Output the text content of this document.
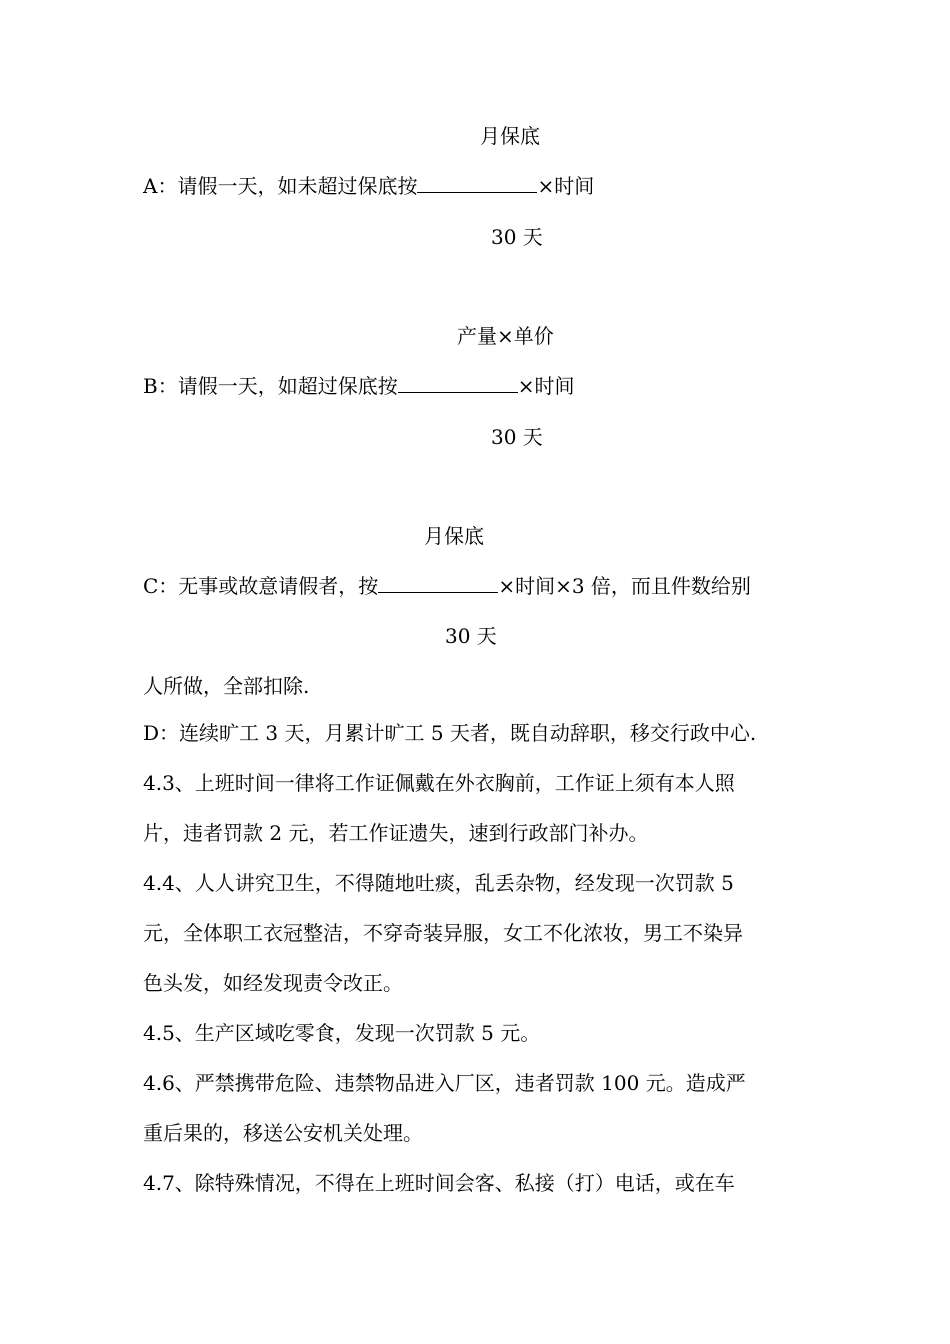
月保底
A：请假一天，如未超过保底按	×时间
30 天
产量×单价
B：请假一天，如超过保底按	×时间
30 天
月保底
C：无事或故意请假者，按	×时间×3 倍，而且件数给别
30 天
人所做，全部扣除.
D：连续旷工 3 天，月累计旷工 5 天者，既自动辞职，移交行政中心.
4.3、上班时间一律将工作证佩戴在外衣胸前，工作证上须有本人照
片，违者罚款 2 元，若工作证遗失，速到行政部门补办。
4.4、人人讲究卫生，不得随地吐痰，乱丢杂物，经发现一次罚款 5
元，全体职工衣冠整洁，不穿奇装异服，女工不化浓妆，男工不染异
色头发，如经发现责令改正。
4.5、生产区域吃零食，发现一次罚款 5 元。
4.6、严禁携带危险、违禁物品进入厂区，违者罚款 100 元。造成严
重后果的，移送公安机关处理。
4.7、除特殊情况，不得在上班时间会客、私接（打）电话，或在车
